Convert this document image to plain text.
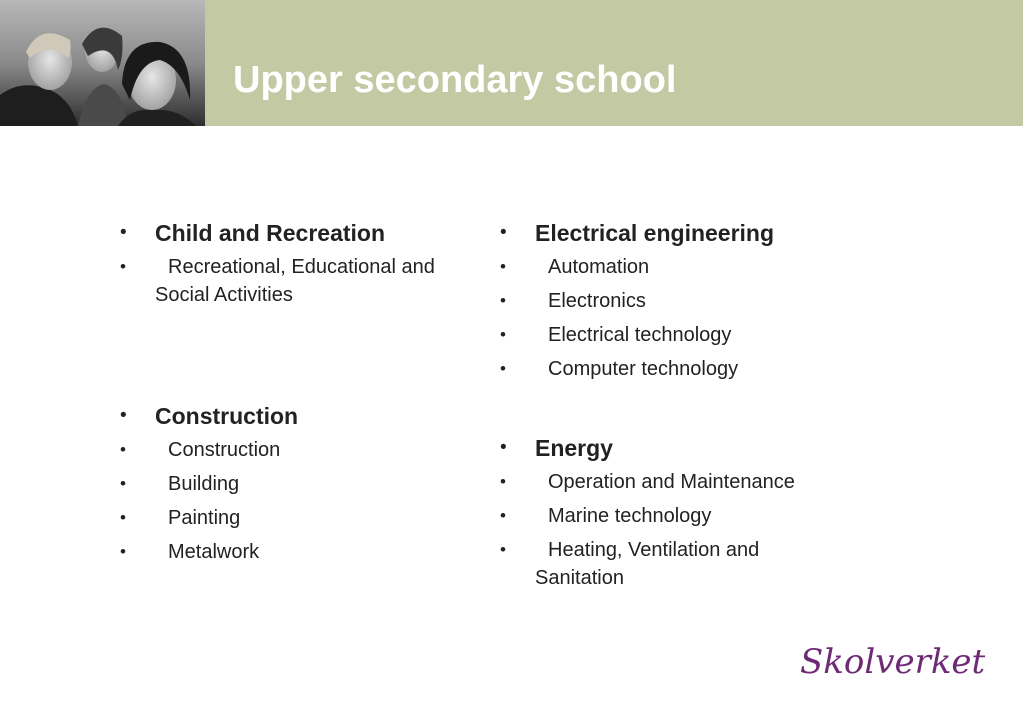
Upper secondary school
•	Child and Recreation
•	Recreational, Educational and Social Activities
•	Construction
•	Construction
•	Building
•	Painting
•	Metalwork
•	Electrical engineering
•	Automation
•	Electronics
•	Electrical technology
•	Computer technology
•	Energy
•	Operation and Maintenance
•	Marine technology
•	Heating, Ventilation and Sanitation
Skolverket
